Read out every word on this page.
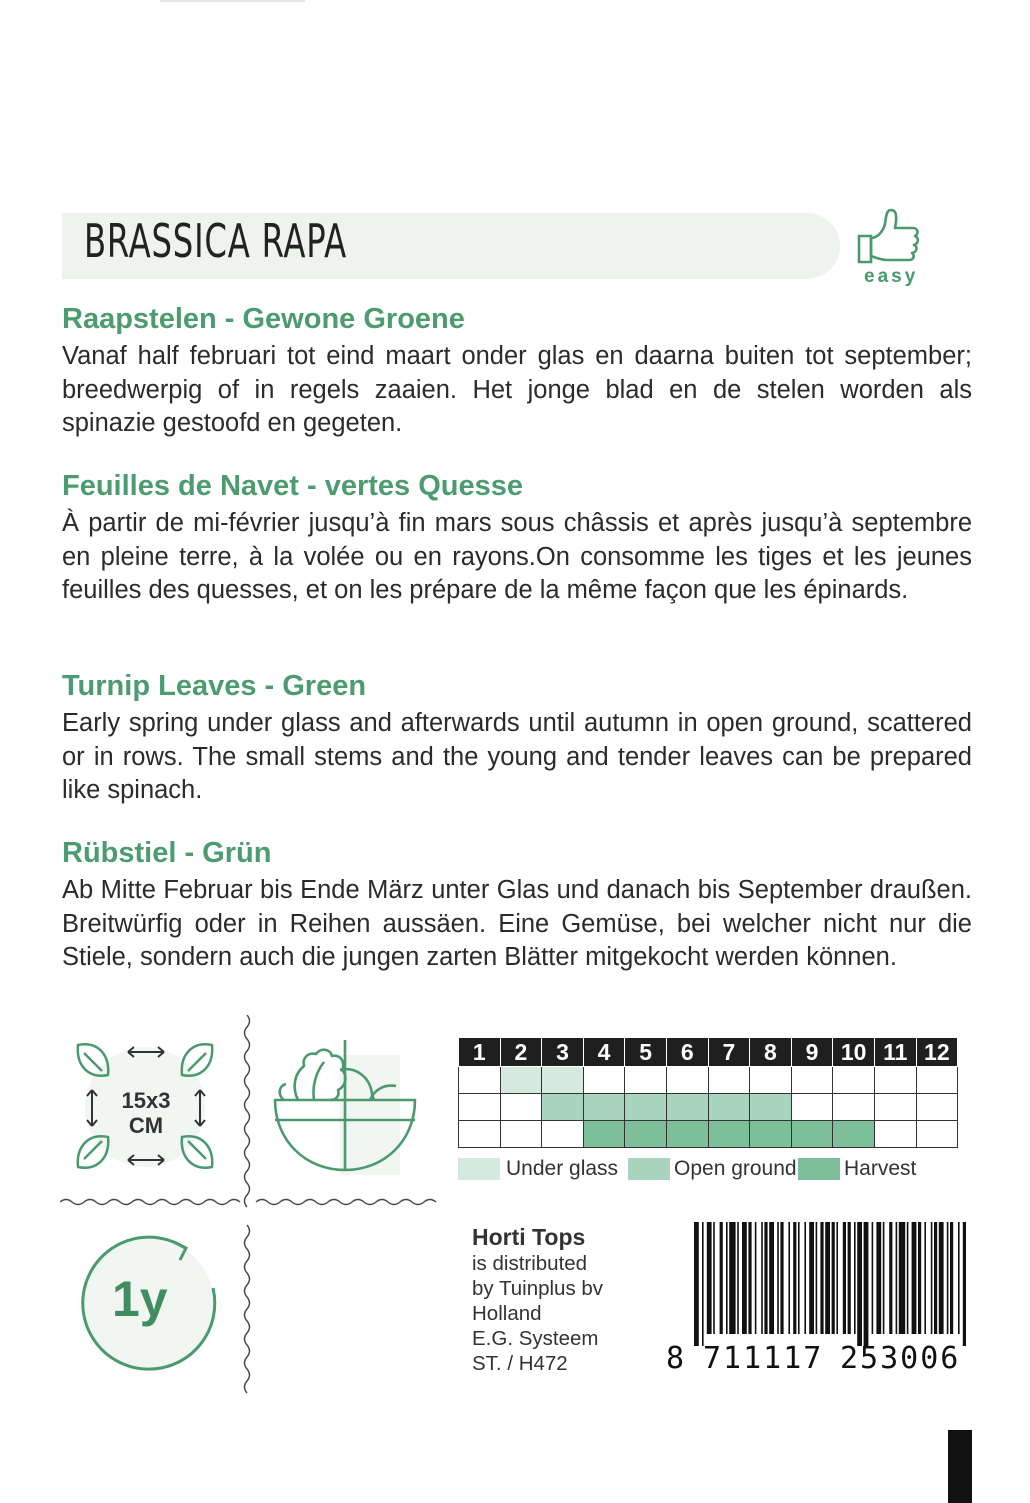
BRASSICA RAPA
easy
Raapstelen - Gewone Groene
Vanaf half februari tot eind maart onder glas en daarna buiten tot september; breedwerpig of in regels zaaien. Het jonge blad en de stelen worden als spinazie gestoofd en gegeten.
Feuilles de Navet - vertes Quesse
À partir de mi-février jusqu’à fin mars sous châssis et après jusqu’à septembre en pleine terre, à la volée ou en rayons.On consomme les tiges et les jeunes feuilles des quesses, et on les prépare de la même façon que les épinards.
Turnip Leaves - Green
Early spring under glass and afterwards until autumn in open ground, scattered or in rows. The small stems and the young and tender leaves can be prepared like spinach.
Rübstiel - Grün
Ab Mitte Februar bis Ende März unter Glas und danach bis September draußen. Breitwürfig oder in Reihen aussäen. Eine Gemüse, bei welcher nicht nur die Stiele, sondern auch die jungen zarten Blätter mitgekocht werden können.
15x3
CM
1y
1	2	3	4	5	6	7	8	9	10	11	12

Under glass	Open ground Harvest
Horti Tops
is distributed
by Tuinplus bv
Holland
E.G. Systeem
ST. / H472	8 711117 253006
